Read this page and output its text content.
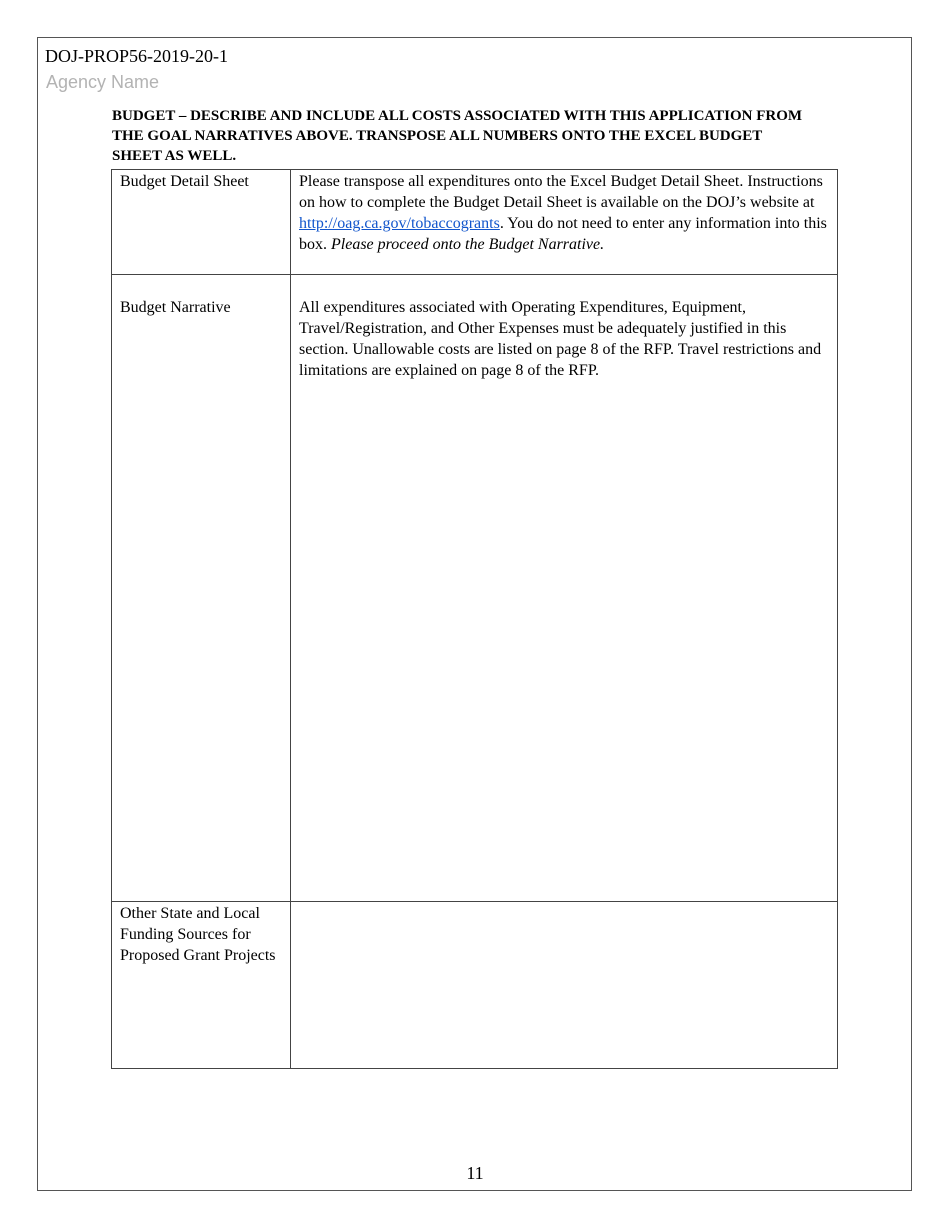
DOJ-PROP56-2019-20-1
Agency Name
BUDGET – DESCRIBE AND INCLUDE ALL COSTS ASSOCIATED WITH THIS APPLICATION FROM THE GOAL NARRATIVES ABOVE. TRANSPOSE ALL NUMBERS ONTO THE EXCEL BUDGET SHEET AS WELL.
Budget Detail Sheet	Please transpose all expenditures onto the Excel Budget Detail Sheet. Instructions on how to complete the Budget Detail Sheet is available on the DOJ’s website at http://oag.ca.gov/tobaccogrants. You do not need to enter any information into this box. Please proceed onto the Budget Narrative.
Budget Narrative	All expenditures associated with Operating Expenditures, Equipment, Travel/Registration, and Other Expenses must be adequately justified in this section. Unallowable costs are listed on page 8 of the RFP. Travel restrictions and limitations are explained on page 8 of the RFP.
Other State and Local Funding Sources for Proposed Grant Projects	
11
